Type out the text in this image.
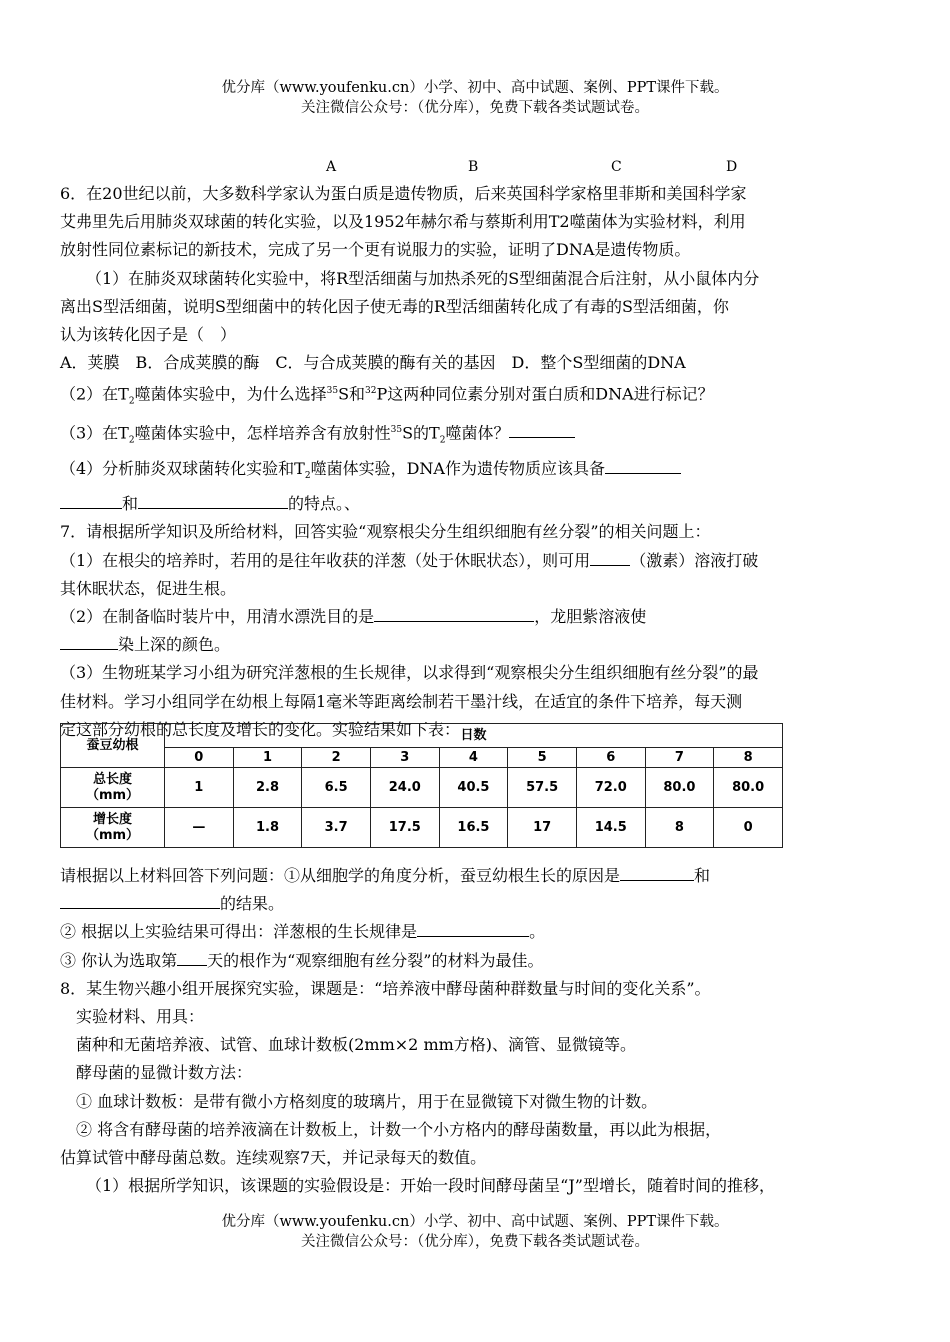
优分库（www.youfenku.cn）小学、初中、高中试题、案例、PPT课件下载。
关注微信公众号：（优分库），免费下载各类试题试卷。
A	B	C	D

6．在20世纪以前，大多数科学家认为蛋白质是遗传物质，后来英国科学家格里菲斯和美国科学家

艾弗里先后用肺炎双球菌的转化实验，以及1952年赫尔希与蔡斯利用T2噬菌体为实验材料，利用

放射性同位素标记的新技术，完成了另一个更有说服力的实验，证明了DNA是遗传物质。

（1）在肺炎双球菌转化实验中，将R型活细菌与加热杀死的S型细菌混合后注射，从小鼠体内分

离出S型活细菌，说明S型细菌中的转化因子使无毒的R型活细菌转化成了有毒的S型活细菌，你

认为该转化因子是（　）

A．荚膜　B．合成荚膜的酶　C．与合成荚膜的酶有关的基因　D．整个S型细菌的DNA

（2）在$T_2$噬菌体实验中，为什么选择$^{35}$S和$^{32}$P这两种同位素分别对蛋白质和DNA进行标记？

（3）在$T_2$噬菌体实验中，怎样培养含有放射性$^{35}$S的$T_2$噬菌体？

（4）分析肺炎双球菌转化实验和$T_2$噬菌体实验，DNA作为遗传物质应该具备

和	的特点。、

7．请根据所学知识及所给材料，回答实验“观察根尖分生组织细胞有丝分裂”的相关问题上：

（1）在根尖的培养时，若用的是往年收获的洋葱（处于休眠状态），则可用	（激素）溶液打破

其休眠状态，促进生根。

（2）在制备临时装片中，用清水漂洗目的是	，龙胆紫溶液使

染上深的颜色。

（3）生物班某学习小组为研究洋葱根的生长规律，以求得到“观察根尖分生组织细胞有丝分裂”的最

佳材料。学习小组同学在幼根上每隔1毫米等距离绘制若干墨汁线，在适宜的条件下培养，每天测

定这部分幼根的总长度及增长的变化。实验结果如下表：

蚕豆幼根	日数								
	0	1	2	3	4	5	6	7	8

总长度
（mm）	1	2.8	6.5	24.0	40.5	57.5	72.0	80.0	80.0

增长度
（mm）	—	1.8	3.7	17.5	16.5	17	14.5	8	0

请根据以上材料回答下列问题：①从细胞学的角度分析，蚕豆幼根生长的原因是	和

的结果。

② 根据以上实验结果可得出：洋葱根的生长规律是	。

③ 你认为选取第 天的根作为“观察细胞有丝分裂”的材料为最佳。

8．某生物兴趣小组开展探究实验，课题是：“培养液中酵母菌种群数量与时间的变化关系”。

实验材料、用具：

菌种和无菌培养液、试管、血球计数板(2mm×2 mm方格)、滴管、显微镜等。

酵母菌的显微计数方法：

① 血球计数板：是带有微小方格刻度的玻璃片，用于在显微镜下对微生物的计数。

② 将含有酵母菌的培养液滴在计数板上，计数一个小方格内的酵母菌数量，再以此为根据，

估算试管中酵母菌总数。连续观察7天，并记录每天的数值。

（1）根据所学知识，该课题的实验假设是：开始一段时间酵母菌呈“J”型增长，随着时间的推移，

优分库（www.youfenku.cn）小学、初中、高中试题、案例、PPT课件下载。
关注微信公众号：（优分库），免费下载各类试题试卷。
